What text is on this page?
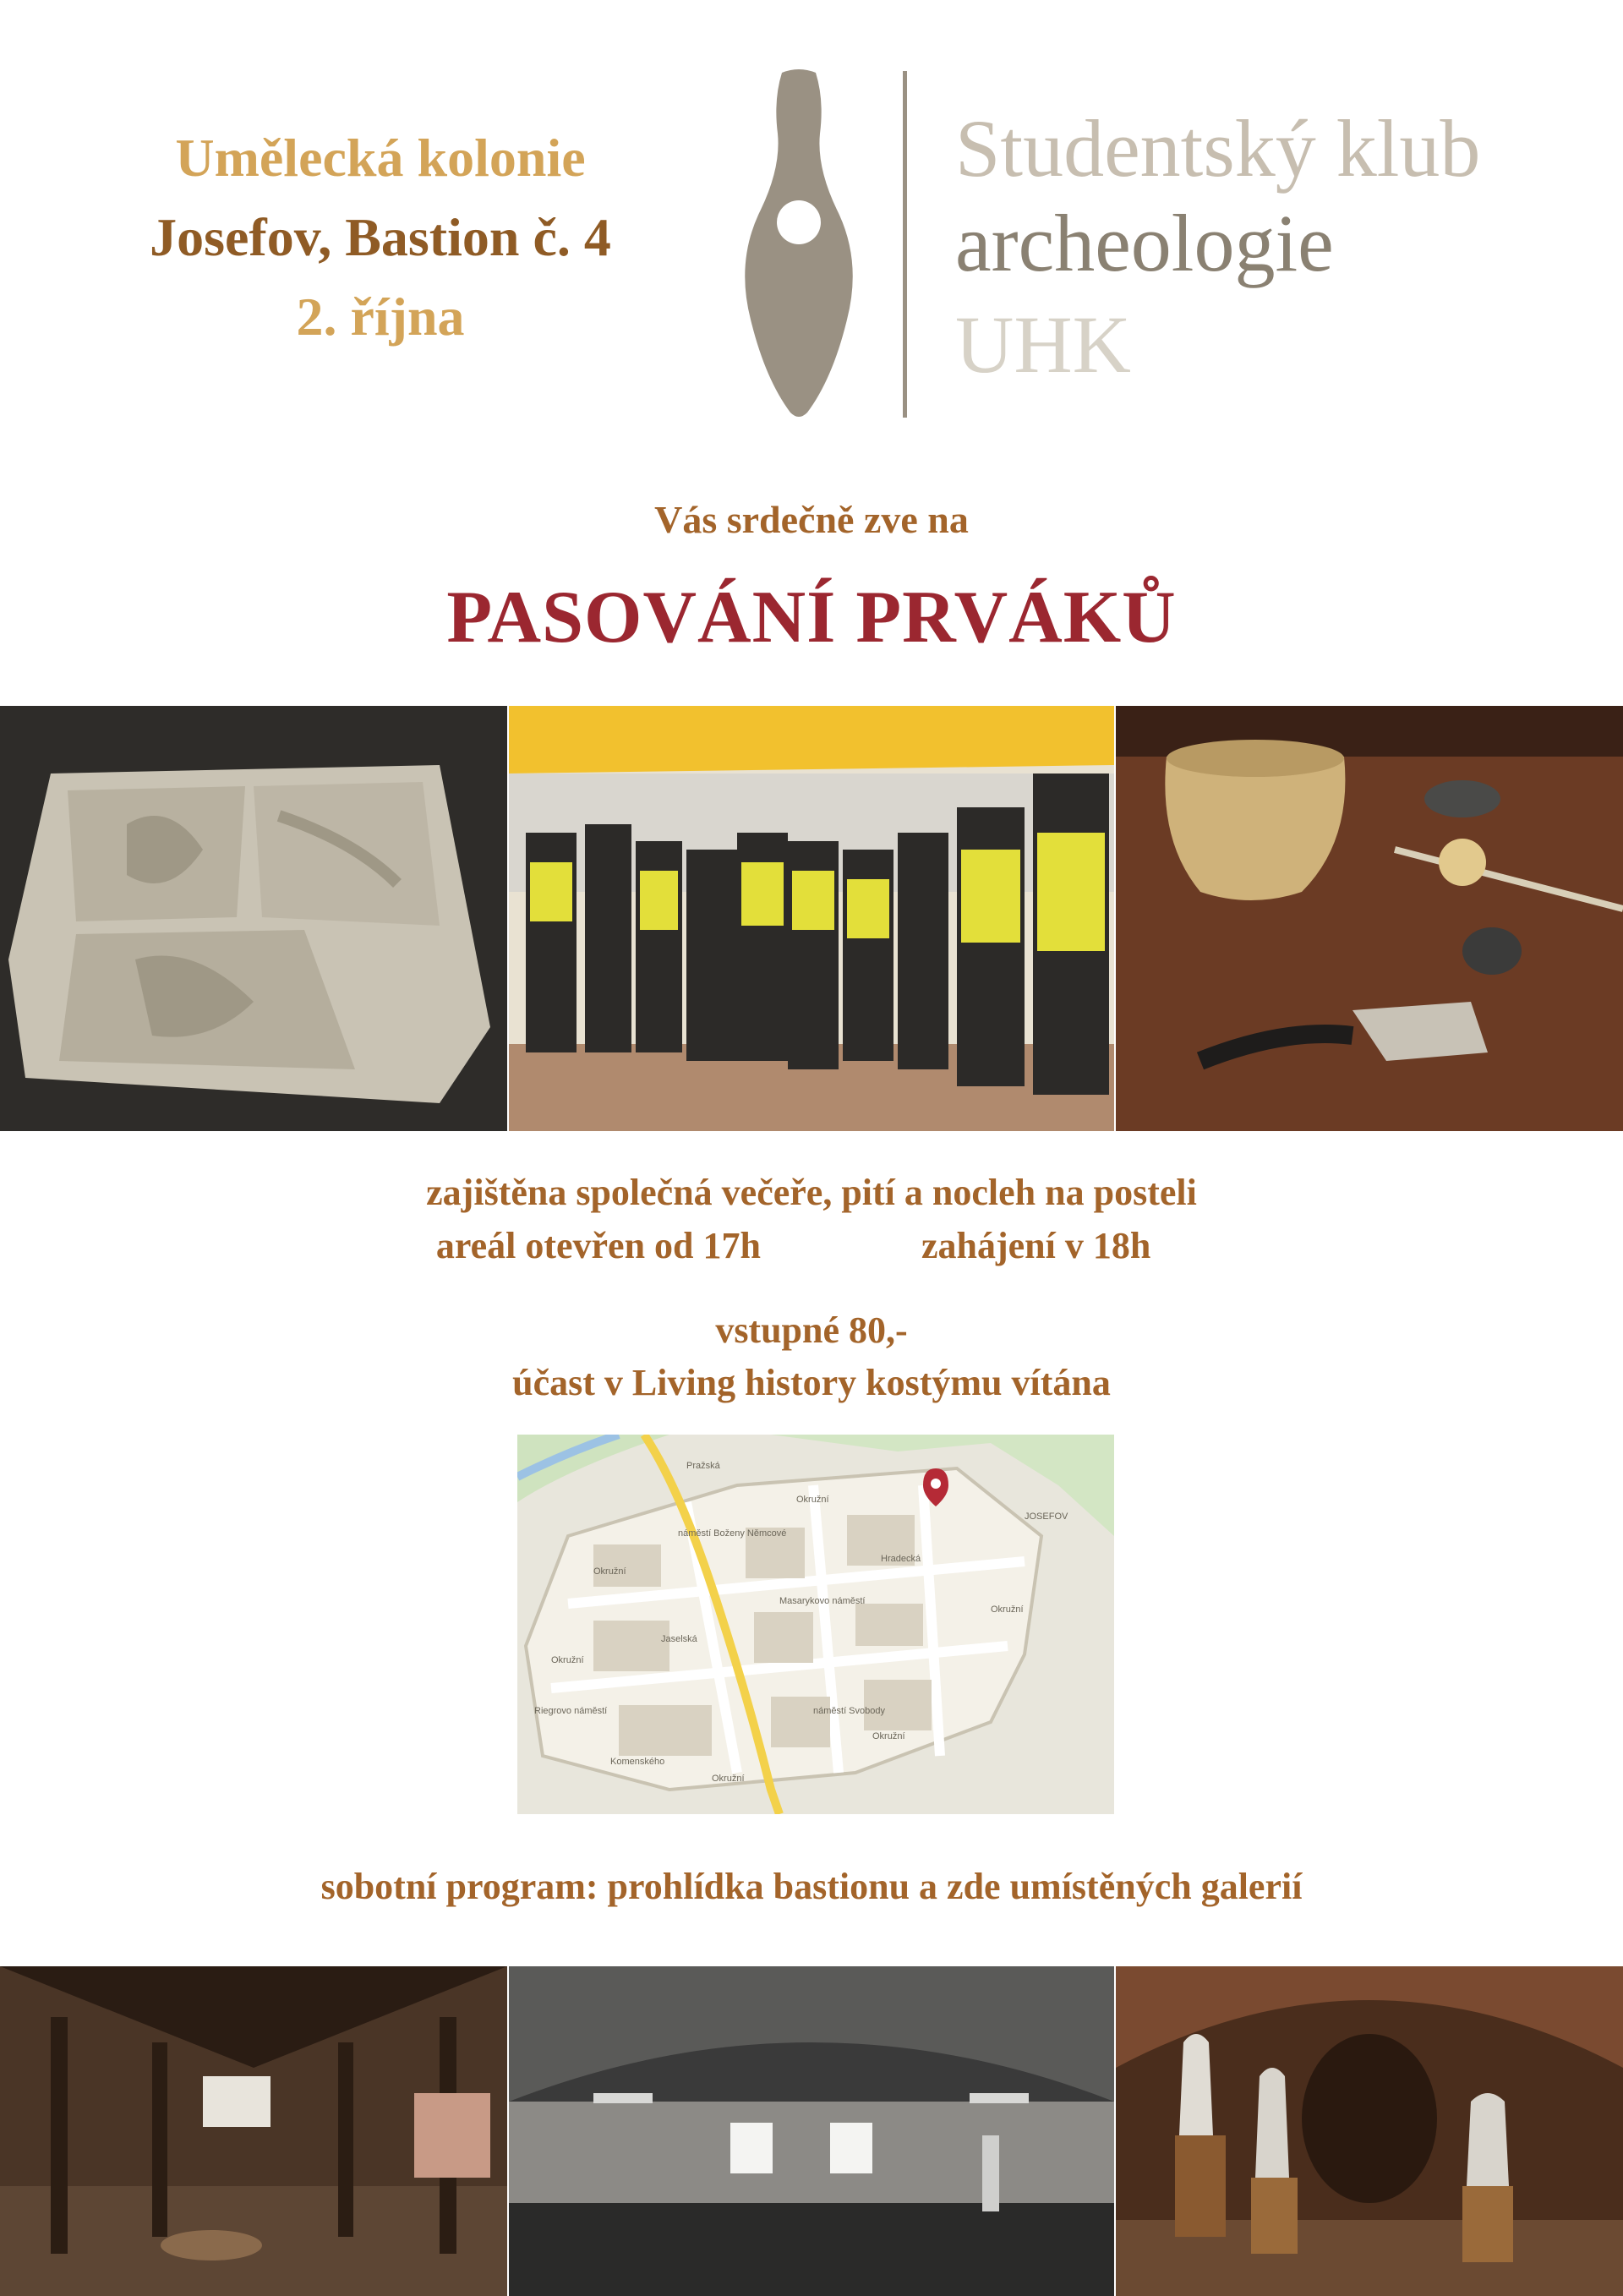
Umělecká kolonie
Josefov, Bastion č. 4
2. října
Studentský klub
archeologie
UHK
Vás srdečně zve na
PASOVÁNÍ PRVÁKŮ
zajištěna společná večeře, pití a nocleh na posteli
areál otevřen od 17h	zahájení v 18h
vstupné 80,-
účast v Living history kostýmu vítána
Okružní
Okružní
Okružní
Okružní
Okružní
Okružní
JOSEFOV
náměstí Boženy Němcové
Masarykovo náměstí
náměstí Svobody
Riegrovo náměstí
Jaselská
Pražská
Hradecká
Komenského
sobotní program: prohlídka bastionu a zde umístěných galerií
